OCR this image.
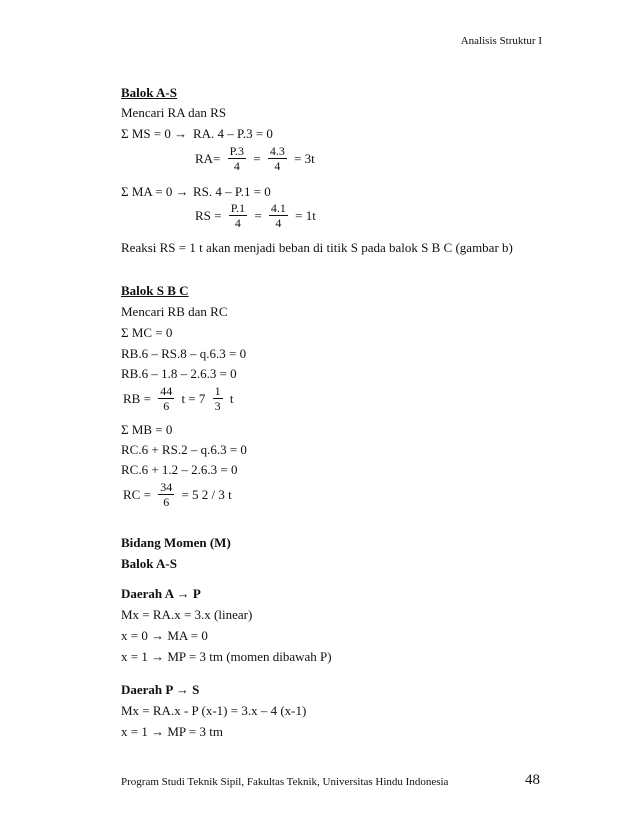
Analisis Struktur I
Balok A-S
Mencari RA dan RS
Σ MS = 0 → RA. 4 – P.3 = 0
$RA= \frac{P.3}{4} = \frac{4.3}{4} = 3t$
Σ MA = 0 → RS. 4 – P.1 = 0
RS = $\frac{P.1}{4} = \frac{4.1}{4} = 1t$
Reaksi RS = 1 t akan menjadi beban di titik S pada balok S B C (gambar b)
Balok S B C
Mencari RB dan RC
Σ MC = 0
RB.6 – RS.8 – q.6.3 = 0
RB.6 – 1.8 – 2.6.3 = 0
RB = $\frac{44}{6}$ $t = 7 \frac{1}{3}$ t
Σ MB = 0
RC.6 + RS.2 – q.6.3 = 0
RC.6 + 1.2 – 2.6.3 = 0
RC = $\frac{34}{6} = 5$ 2 / 3 t
Bidang Momen (M)
Balok A-S
Daerah A → P
Mx = RA.x = 3.x (linear)
x = 0 → MA = 0
x = 1 → MP = 3 tm (momen dibawah P)
Daerah P → S
Mx = RA.x - P (x-1) = 3.x – 4 (x-1)
x = 1 → MP = 3 tm
Program Studi Teknik Sipil, Fakultas Teknik, Universitas Hindu Indonesia	48
